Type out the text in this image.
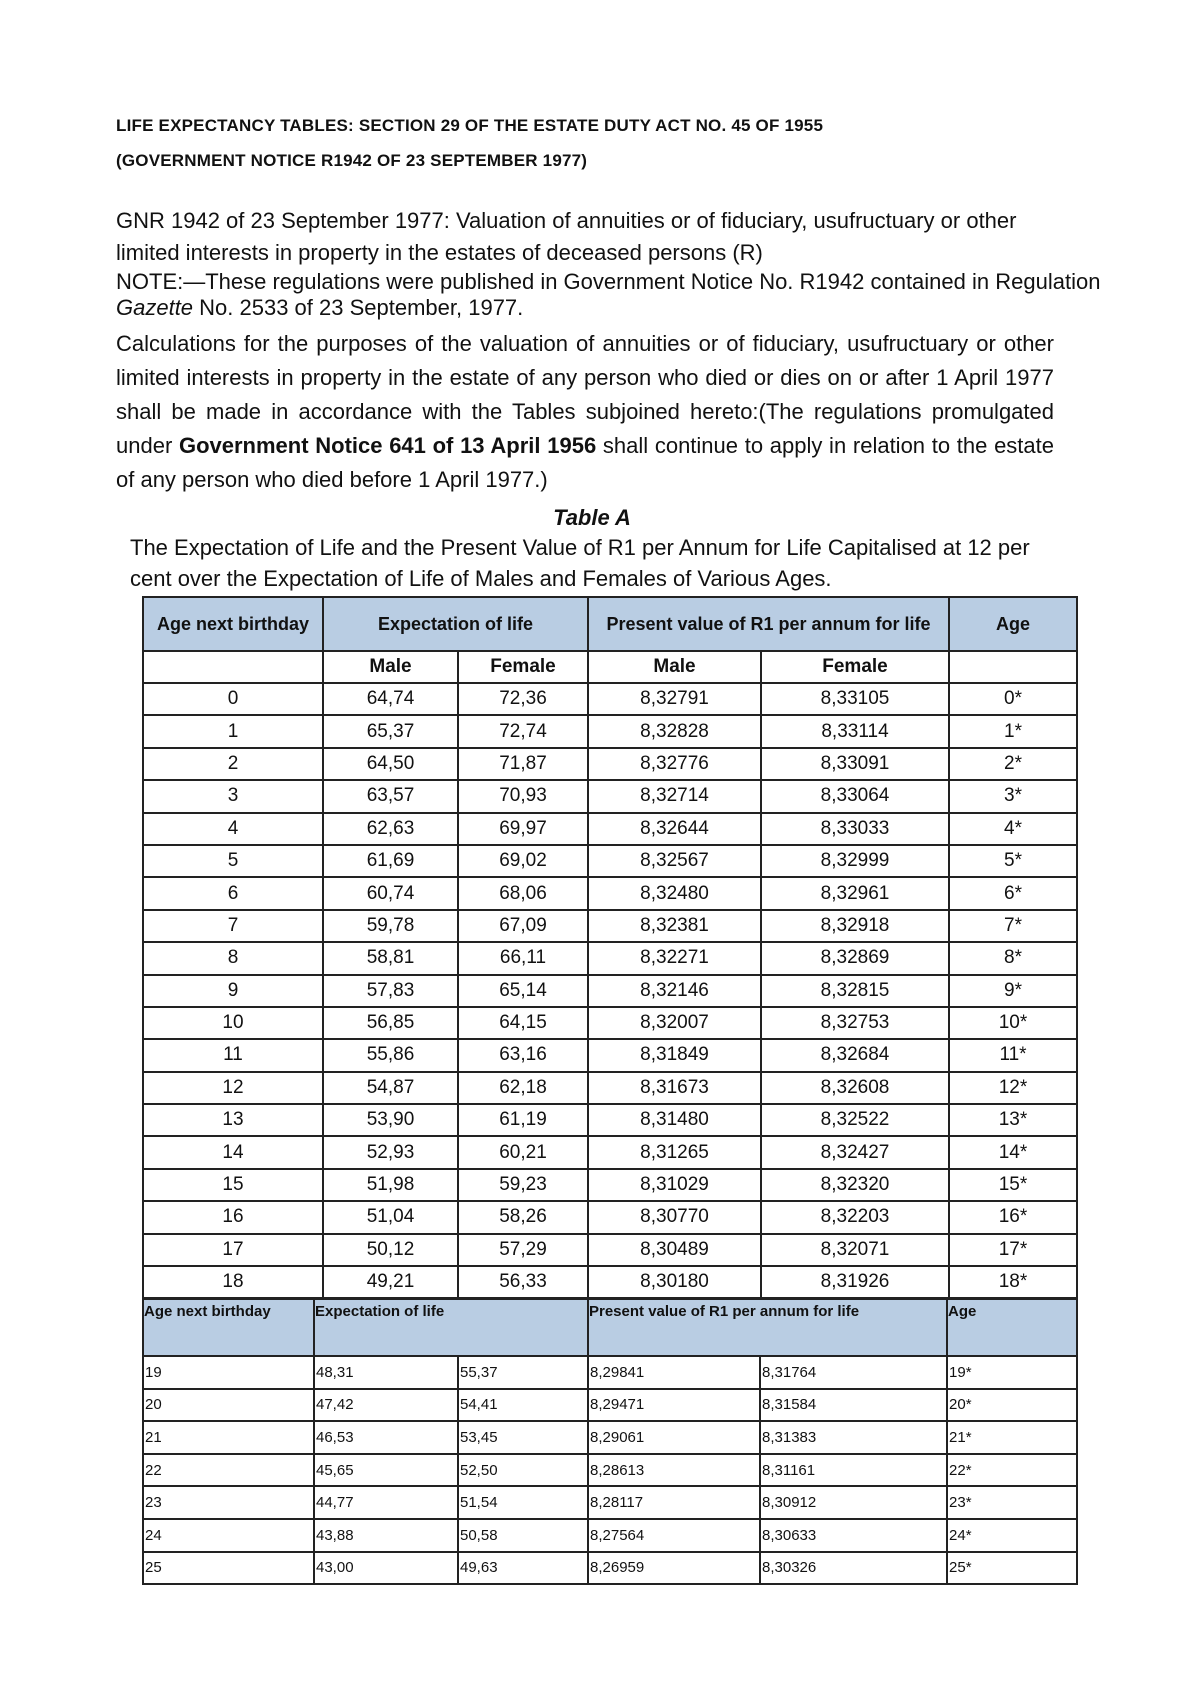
LIFE EXPECTANCY TABLES: SECTION 29 OF THE ESTATE DUTY ACT NO. 45 OF 1955
(GOVERNMENT NOTICE R1942 OF 23 SEPTEMBER 1977)
GNR 1942 of 23 September 1977: Valuation of annuities or of fiduciary, usufructuary or other limited interests in property in the estates of deceased persons (R)
NOTE:—These regulations were published in Government Notice No. R1942 contained in Regulation Gazette No. 2533 of 23 September, 1977.
Calculations for the purposes of the valuation of annuities or of fiduciary, usufructuary or other limited interests in property in the estate of any person who died or dies on or after 1 April 1977 shall be made in accordance with the Tables subjoined hereto:(The regulations promulgated under Government Notice 641 of 13 April 1956 shall continue to apply in relation to the estate of any person who died before 1 April 1977.)
Table A
The Expectation of Life and the Present Value of R1 per Annum for Life Capitalised at 12 per cent over the Expectation of Life of Males and Females of Various Ages.
Age next birthday	Expectation of life		Present value of R1 per annum for life		Age
	Male	Female	Male	Female	
0	64,74	72,36	8,32791	8,33105	0*
1	65,37	72,74	8,32828	8,33114	1*
2	64,50	71,87	8,32776	8,33091	2*
3	63,57	70,93	8,32714	8,33064	3*
4	62,63	69,97	8,32644	8,33033	4*
5	61,69	69,02	8,32567	8,32999	5*
6	60,74	68,06	8,32480	8,32961	6*
7	59,78	67,09	8,32381	8,32918	7*
8	58,81	66,11	8,32271	8,32869	8*
9	57,83	65,14	8,32146	8,32815	9*
10	56,85	64,15	8,32007	8,32753	10*
11	55,86	63,16	8,31849	8,32684	11*
12	54,87	62,18	8,31673	8,32608	12*
13	53,90	61,19	8,31480	8,32522	13*
14	52,93	60,21	8,31265	8,32427	14*
15	51,98	59,23	8,31029	8,32320	15*
16	51,04	58,26	8,30770	8,32203	16*
17	50,12	57,29	8,30489	8,32071	17*
18	49,21	56,33	8,30180	8,31926	18*
Age next birthday	Expectation of life		Present value of R1 per annum for life		Age
19	48,31	55,37	8,29841	8,31764	19*
20	47,42	54,41	8,29471	8,31584	20*
21	46,53	53,45	8,29061	8,31383	21*
22	45,65	52,50	8,28613	8,31161	22*
23	44,77	51,54	8,28117	8,30912	23*
24	43,88	50,58	8,27564	8,30633	24*
25	43,00	49,63	8,26959	8,30326	25*
